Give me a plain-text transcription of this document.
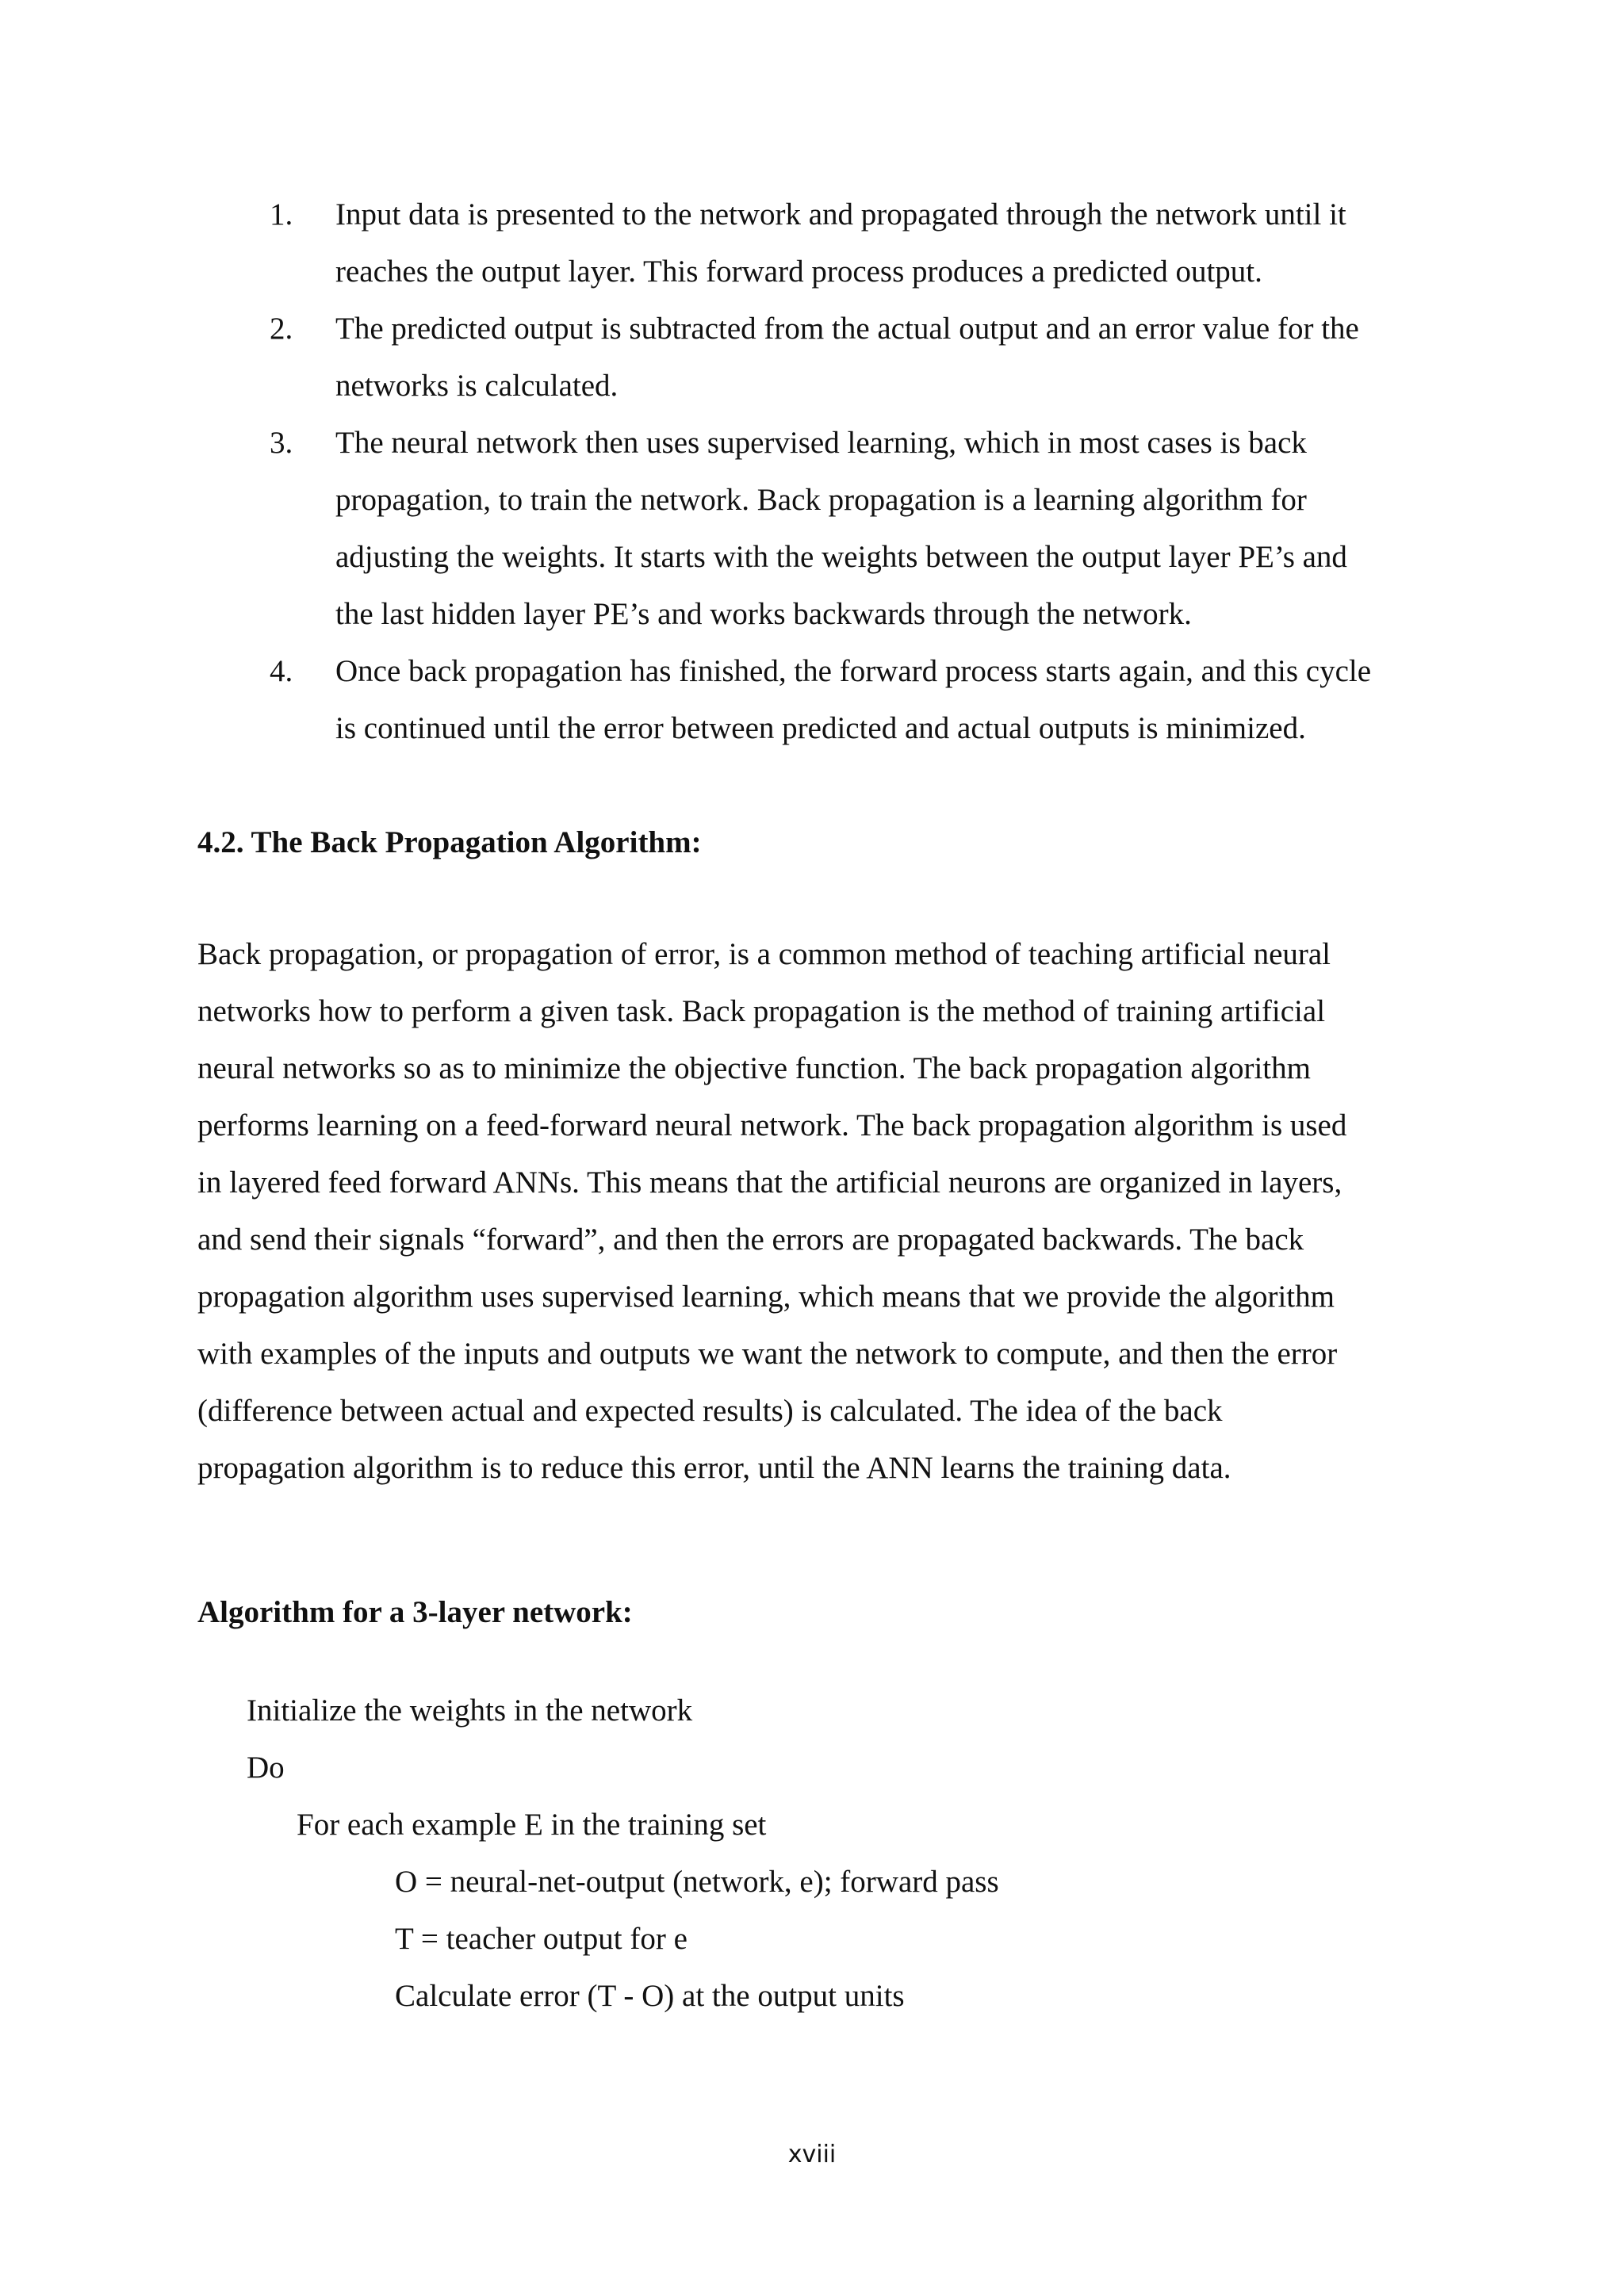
1. Input data is presented to the network and propagated through the network until it
reaches the output layer. This forward process produces a predicted output.
2. The predicted output is subtracted from the actual output and an error value for the
networks is calculated.
3. The neural network then uses supervised learning, which in most cases is back
propagation, to train the network. Back propagation is a learning algorithm for
adjusting the weights. It starts with the weights between the output layer PE’s and
the last hidden layer PE’s and works backwards through the network.
4. Once back propagation has finished, the forward process starts again, and this cycle
is continued until the error between predicted and actual outputs is minimized.
4.2. The Back Propagation Algorithm:
Back propagation, or propagation of error, is a common method of teaching artificial neural
networks how to perform a given task. Back propagation is the method of training artificial
neural networks so as to minimize the objective function. The back propagation algorithm
performs learning on a feed-forward neural network. The back propagation algorithm is used
in layered feed forward ANNs. This means that the artificial neurons are organized in layers,
and send their signals “forward”, and then the errors are propagated backwards. The back
propagation algorithm uses supervised learning, which means that we provide the algorithm
with examples of the inputs and outputs we want the network to compute, and then the error
(difference between actual and expected results) is calculated. The idea of the back
propagation algorithm is to reduce this error, until the ANN learns the training data.
Algorithm for a 3-layer network:
Initialize the weights in the network
Do
For each example E in the training set
O = neural-net-output (network, e); forward pass
T = teacher output for e
Calculate error (T - O) at the output units
xviii
